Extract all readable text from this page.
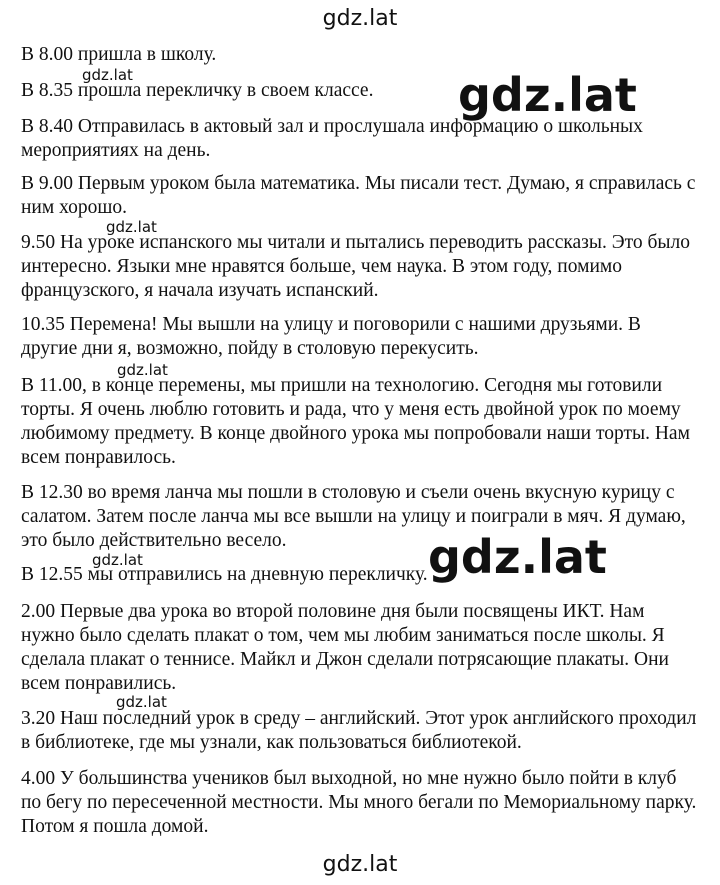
gdz.lat
В 8.00 пришла в школу.
В 8.35 прошла перекличку в своем классе.
В 8.40 Отправилась в актовый зал и прослушала информацию о школьных мероприятиях на день.
В 9.00 Первым уроком была математика. Мы писали тест. Думаю, я справилась с ним хорошо.
9.50 На уроке испанского мы читали и пытались переводить рассказы. Это было интересно. Языки мне нравятся больше, чем наука. В этом году, помимо французского, я начала изучать испанский.
10.35 Перемена! Мы вышли на улицу и поговорили с нашими друзьями. В другие дни я, возможно, пойду в столовую перекусить.
В 11.00, в конце перемены, мы пришли на технологию. Сегодня мы готовили торты. Я очень люблю готовить и рада, что у меня есть двойной урок по моему любимому предмету. В конце двойного урока мы попробовали наши торты. Нам всем понравилось.
В 12.30 во время ланча мы пошли в столовую и съели очень вкусную курицу с салатом. Затем после ланча мы все вышли на улицу и поиграли в мяч. Я думаю, это было действительно весело.
В 12.55 мы отправились на дневную перекличку.
2.00 Первые два урока во второй половине дня были посвящены ИКТ. Нам нужно было сделать плакат о том, чем мы любим заниматься после школы. Я сделала плакат о теннисе. Майкл и Джон сделали потрясающие плакаты. Они всем понравились.
3.20 Наш последний урок в среду – английский. Этот урок английского проходил в библиотеке, где мы узнали, как пользоваться библиотекой.
4.00 У большинства учеников был выходной, но мне нужно было пойти в клуб по бегу по пересеченной местности. Мы много бегали по Мемориальному парку. Потом я пошла домой.
gdz.lat	gdz.lat
gdz.lat
gdz.lat
gdz.lat
gdz.lat
gdz.lat
gdz.lat
